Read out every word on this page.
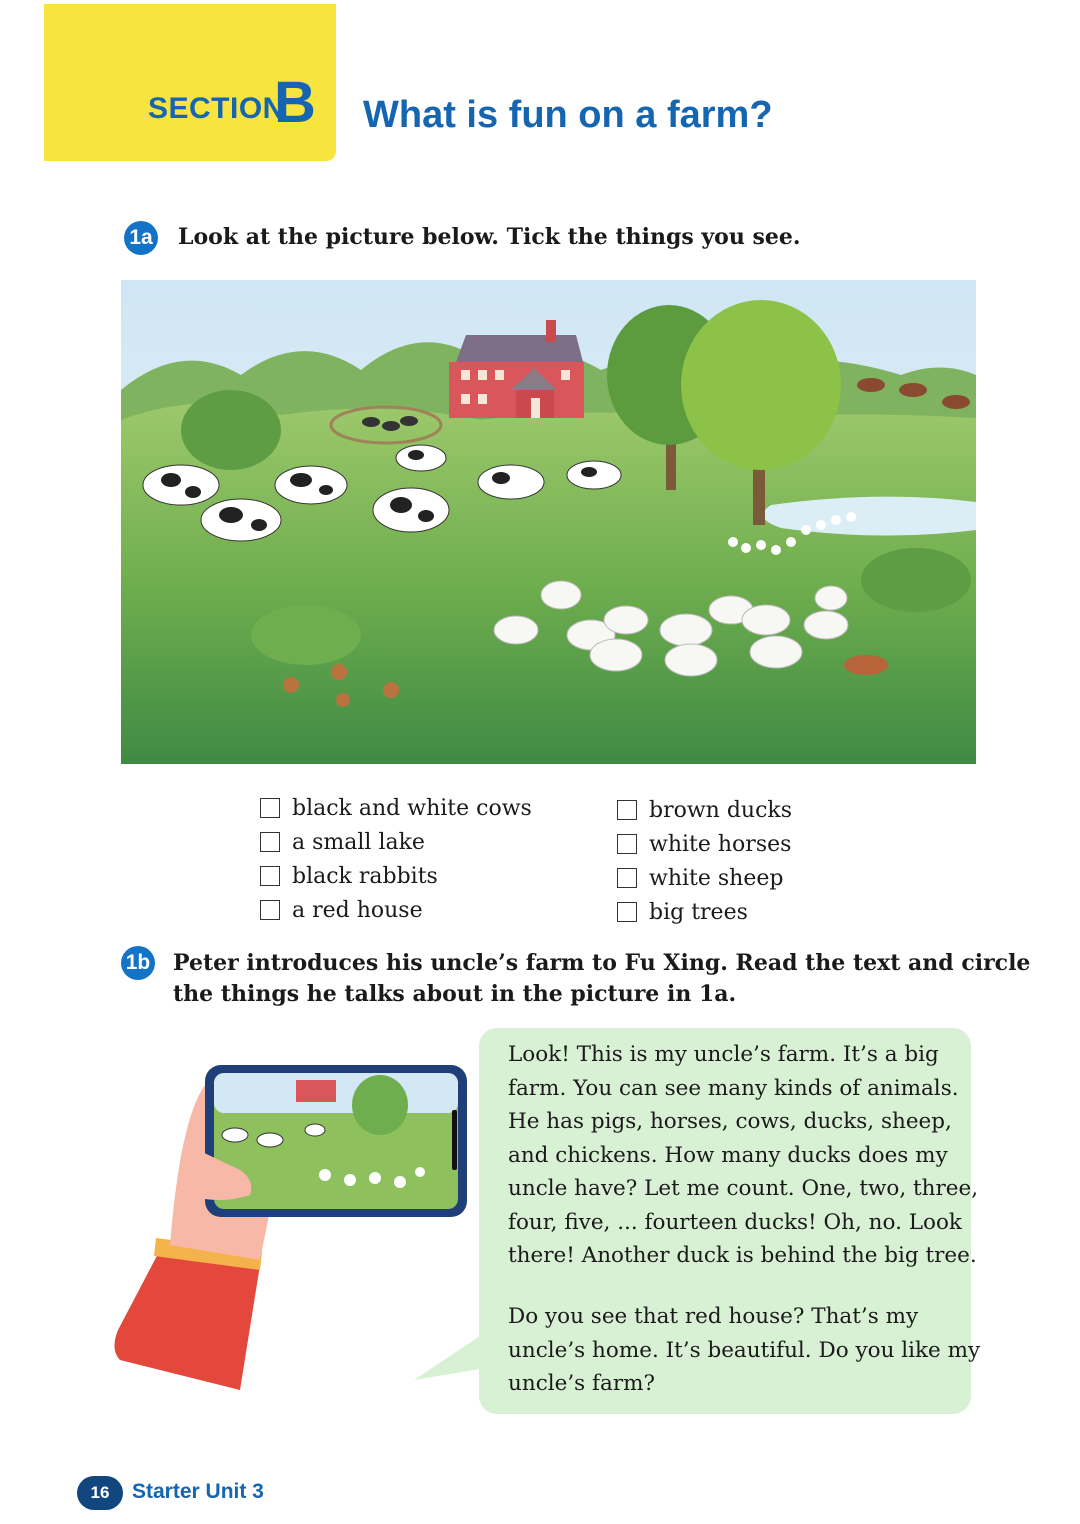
SECTION
B What is fun on a farm?
1a Look at the picture below. Tick the things you see.
black and white cows
a small lake
black rabbits
a red house
brown ducks
white horses
white sheep
big trees
1b Peter introduces his uncle’s farm to Fu Xing. Read the text and circle
the things he talks about in the picture in 1a.
Look! This is my uncle’s farm. It’s a big
farm. You can see many kinds of animals.
He has pigs, horses, cows, ducks, sheep,
and chickens. How many ducks does my
uncle have? Let me count. One, two, three,
four, five, ... fourteen ducks! Oh, no. Look
there! Another duck is behind the big tree.
Do you see that red house? That’s my
uncle’s home. It’s beautiful. Do you like my
uncle’s farm?
16	Starter Unit 3
